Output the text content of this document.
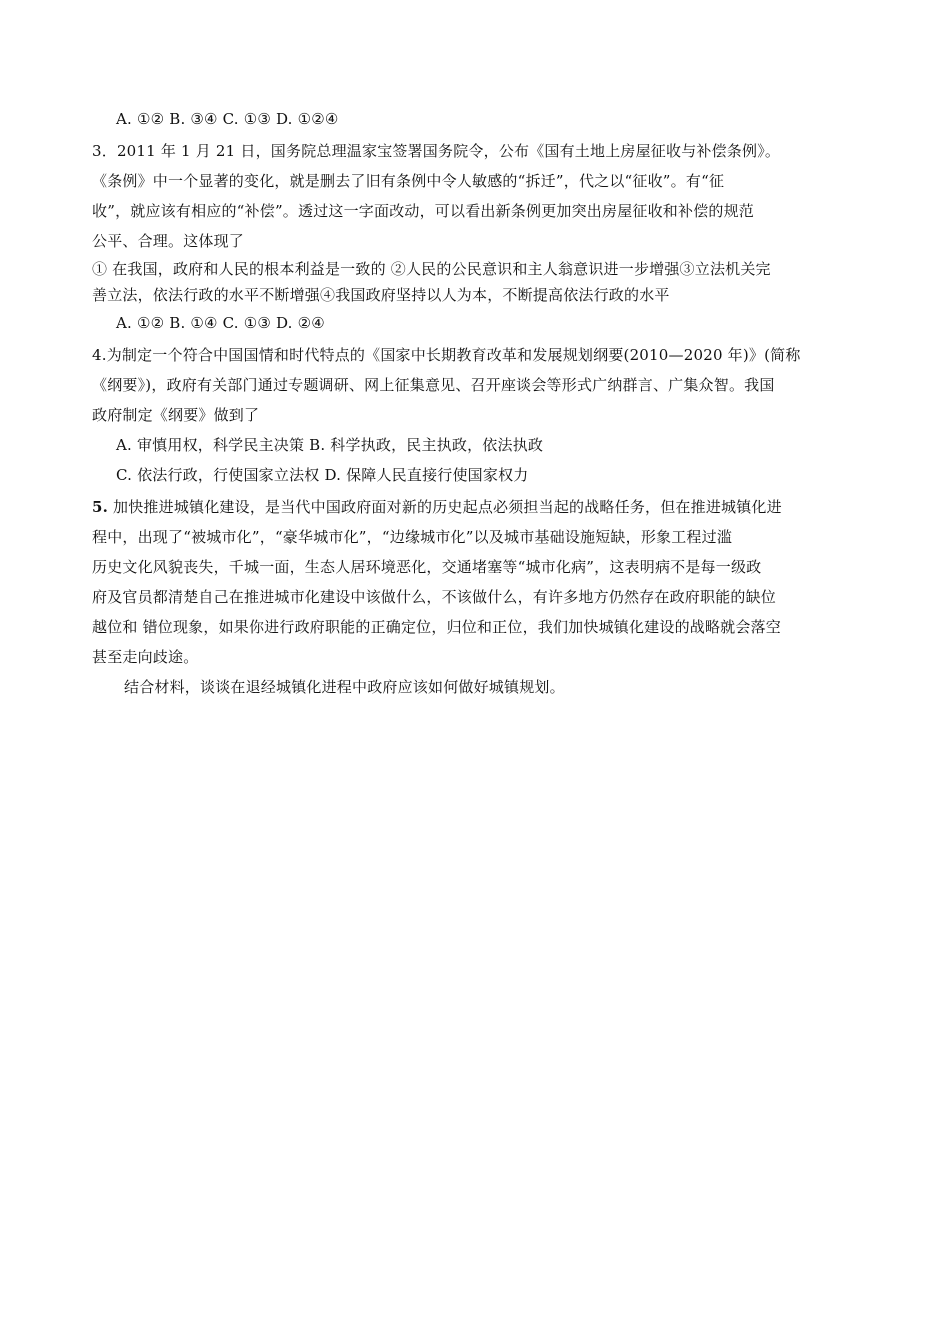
A. ①② B. ③④ C. ①③ D. ①②④
3．2011 年 1 月 21 日，国务院总理温家宝签署国务院令，公布《国有土地上房屋征收与补偿条例》。
《条例》中一个显著的变化，就是删去了旧有条例中令人敏感的“拆迁”，代之以“征收”。有“征
收”，就应该有相应的“补偿”。透过这一字面改动，可以看出新条例更加突出房屋征收和补偿的规范
公平、合理。这体现了
① 在我国，政府和人民的根本利益是一致的 ②人民的公民意识和主人翁意识进一步增强③立法机关完
善立法，依法行政的水平不断增强④我国政府坚持以人为本，不断提高依法行政的水平
A. ①② B. ①④ C. ①③ D. ②④
4.为制定一个符合中国国情和时代特点的《国家中长期教育改革和发展规划纲要(2010—2020 年)》(简称
《纲要》)，政府有关部门通过专题调研、网上征集意见、召开座谈会等形式广纳群言、广集众智。我国
政府制定《纲要》做到了
A. 审慎用权，科学民主决策 B. 科学执政，民主执政，依法执政
C. 依法行政，行使国家立法权 D. 保障人民直接行使国家权力
5. 加快推进城镇化建设，是当代中国政府面对新的历史起点必须担当起的战略任务，但在推进城镇化进
程中，出现了“被城市化”，“豪华城市化”，“边缘城市化”以及城市基础设施短缺，形象工程过滥
历史文化风貌丧失，千城一面，生态人居环境恶化，交通堵塞等“城市化病”，这表明病不是每一级政
府及官员都清楚自己在推进城市化建设中该做什么，不该做什么，有许多地方仍然存在政府职能的缺位
越位和 错位现象，如果你进行政府职能的正确定位，归位和正位，我们加快城镇化建设的战略就会落空
甚至走向歧途。
结合材料，谈谈在退经城镇化进程中政府应该如何做好城镇规划。
